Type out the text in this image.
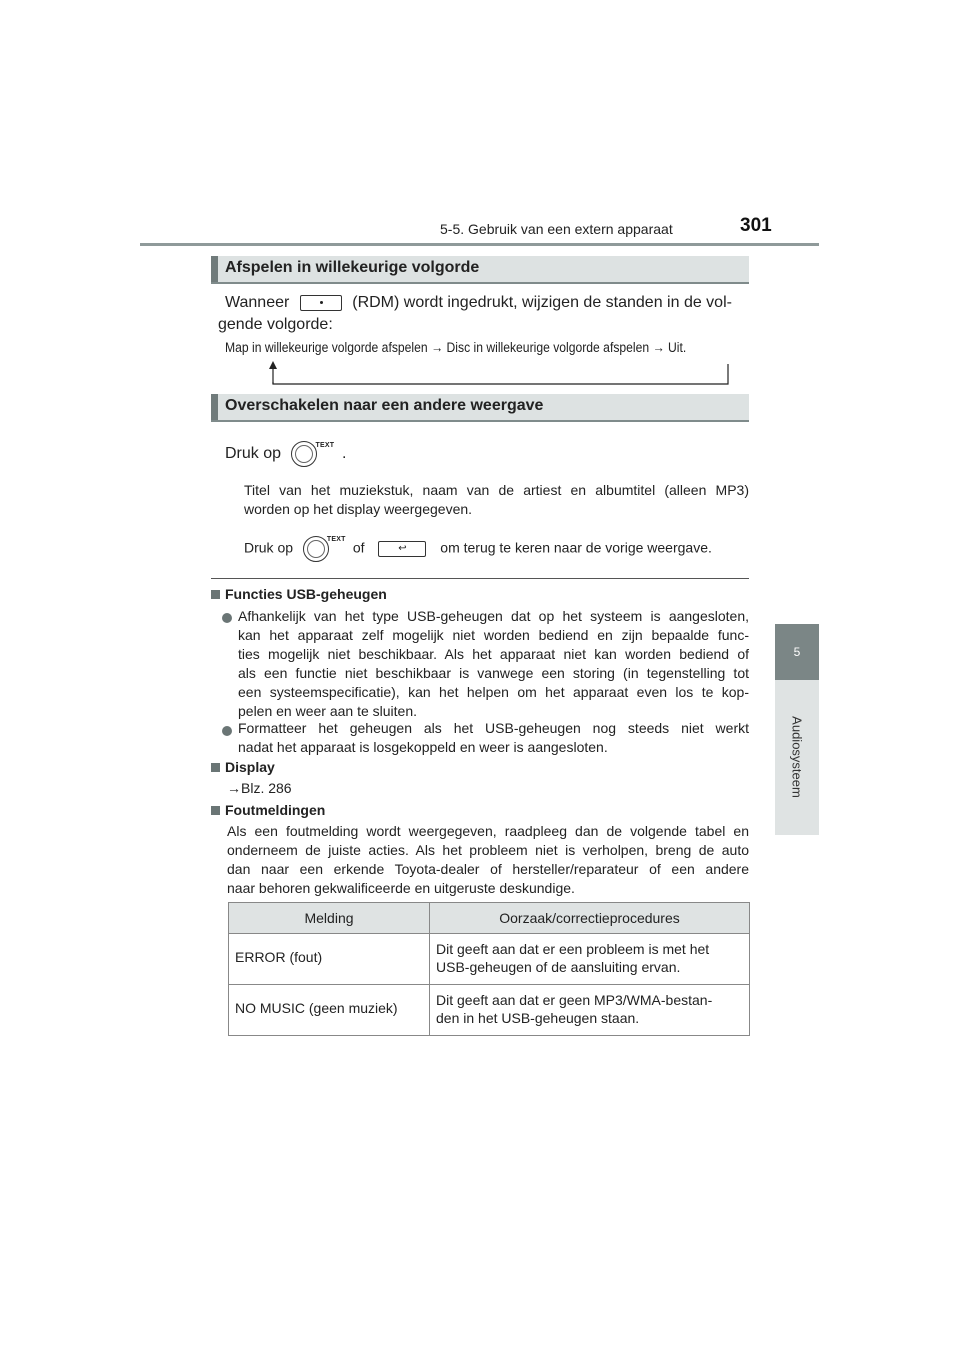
5-5. Gebruik van een extern apparaat	301
5
Audiosysteem
Afspelen in willekeurige volgorde
Wanneer	(RDM) wordt ingedrukt, wijzigen de standen in de vol-
gende volgorde:
Map in willekeurige volgorde afspelen → Disc in willekeurige volgorde afspelen → Uit.
Overschakelen naar een andere weergave
Druk op	TEXT .
Titel van het muziekstuk, naam van de artiest en albumtitel (alleen MP3)
worden op het display weergegeven.
Druk op
TEXT
of	↩ om terug te keren naar de vorige weergave.
Functies USB-geheugen
Afhankelijk van het type USB-geheugen dat op het systeem is aangesloten,
kan het apparaat zelf mogelijk niet worden bediend en zijn bepaalde func-
ties mogelijk niet beschikbaar. Als het apparaat niet kan worden bediend of
als een functie niet beschikbaar is vanwege een storing (in tegenstelling tot
een systeemspecificatie), kan het helpen om het apparaat even los te kop-
pelen en weer aan te sluiten.
Formatteer het geheugen als het USB-geheugen nog steeds niet werkt
nadat het apparaat is losgekoppeld en weer is aangesloten.
Display
→Blz. 286
Foutmeldingen
Als een foutmelding wordt weergegeven, raadpleeg dan de volgende tabel en
onderneem de juiste acties. Als het probleem niet is verholpen, breng de auto
dan naar een erkende Toyota-dealer of hersteller/reparateur of een andere
naar behoren gekwalificeerde en uitgeruste deskundige.
Melding	Oorzaak/correctieprocedures
ERROR (fout)	Dit geeft aan dat er een probleem is met het
USB-geheugen of de aansluiting ervan.

NO MUSIC (geen muziek)	Dit geeft aan dat er geen MP3/WMA-bestan-
den in het USB-geheugen staan.
